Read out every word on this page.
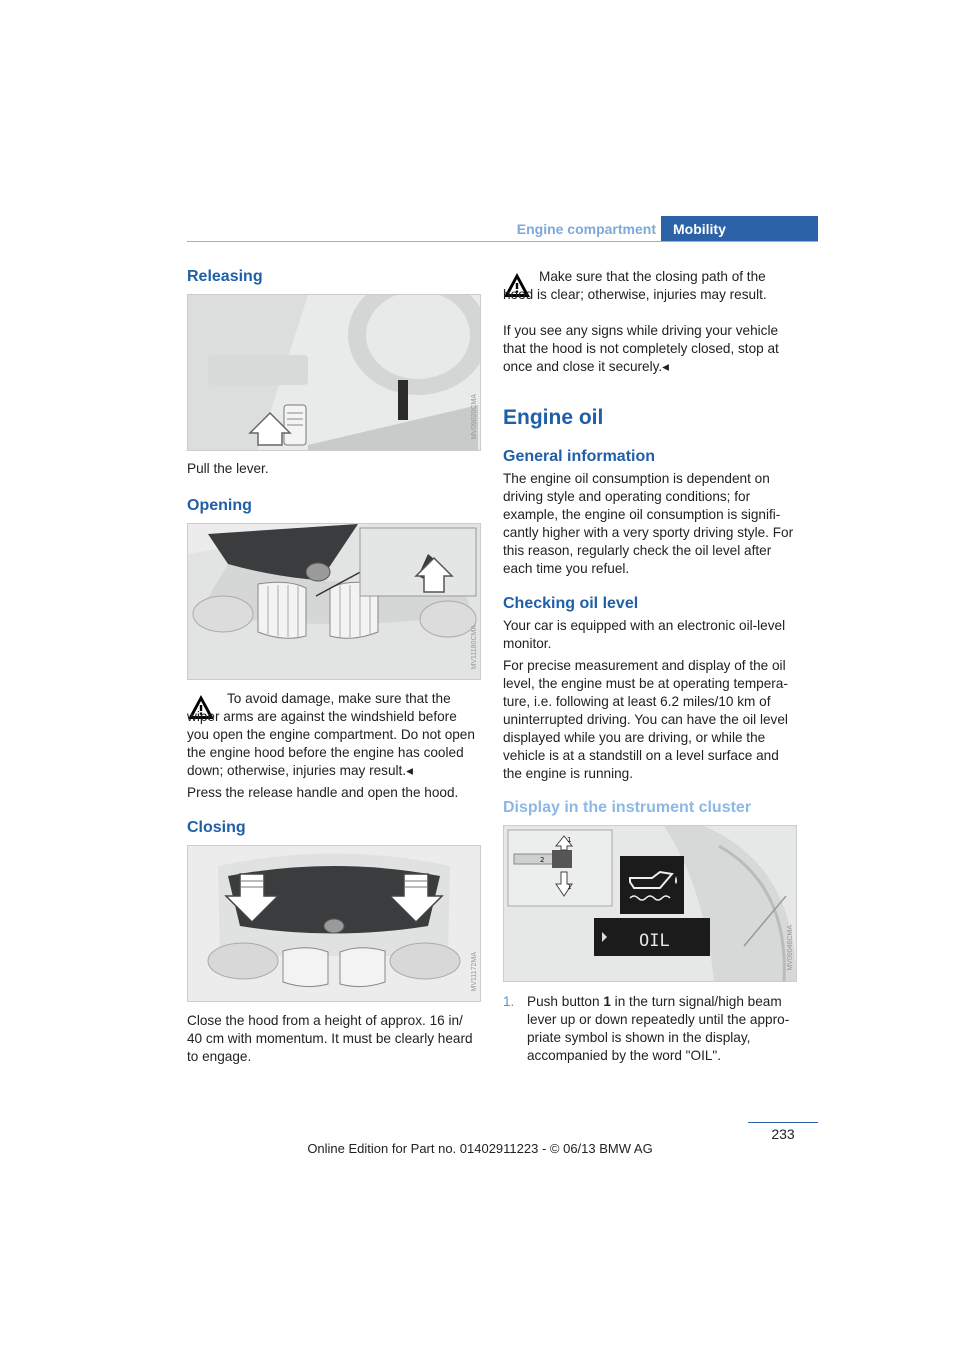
Engine compartment	Mobility
Releasing
MV09020CMA

Pull the lever.

Opening
MV11180CMA

To avoid damage, make sure that the wiper arms are against the windshield before you open the engine compartment. Do not open the engine hood before the engine has cooled down; otherwise, injuries may result.◂

Press the release handle and open the hood.

Closing
MV11172MA

Close the hood from a height of approx. 16 in/ 40 cm with momentum. It must be clearly heard to engage.

Make sure that the closing path of the hood is clear; otherwise, injuries may result.

If you see any signs while driving your vehicle that the hood is not completely closed, stop at once and close it securely.◂

Engine oil
General information

The engine oil consumption is dependent on driving style and operating conditions; for example, the engine oil consumption is signifi-cantly higher with a very sporty driving style. For this reason, regularly check the oil level after each time you refuel.

Checking oil level

Your car is equipped with an electronic oil-level monitor.

For precise measurement and display of the oil level, the engine must be at operating tempera-ture, i.e. following at least 6.2 miles/10 km of uninterrupted driving. You can have the oil level displayed while you are driving, or while the vehicle is at a standstill on a level surface and the engine is running.

Display in the instrument cluster
1
1
2
OIL	MV09046CMA
1. Push button 1 in the turn signal/high beam lever up or down repeatedly until the appro-priate symbol is shown in the display, accompanied by the word "OIL".

233
Online Edition for Part no. 01402911223 - © 06/13 BMW AG
